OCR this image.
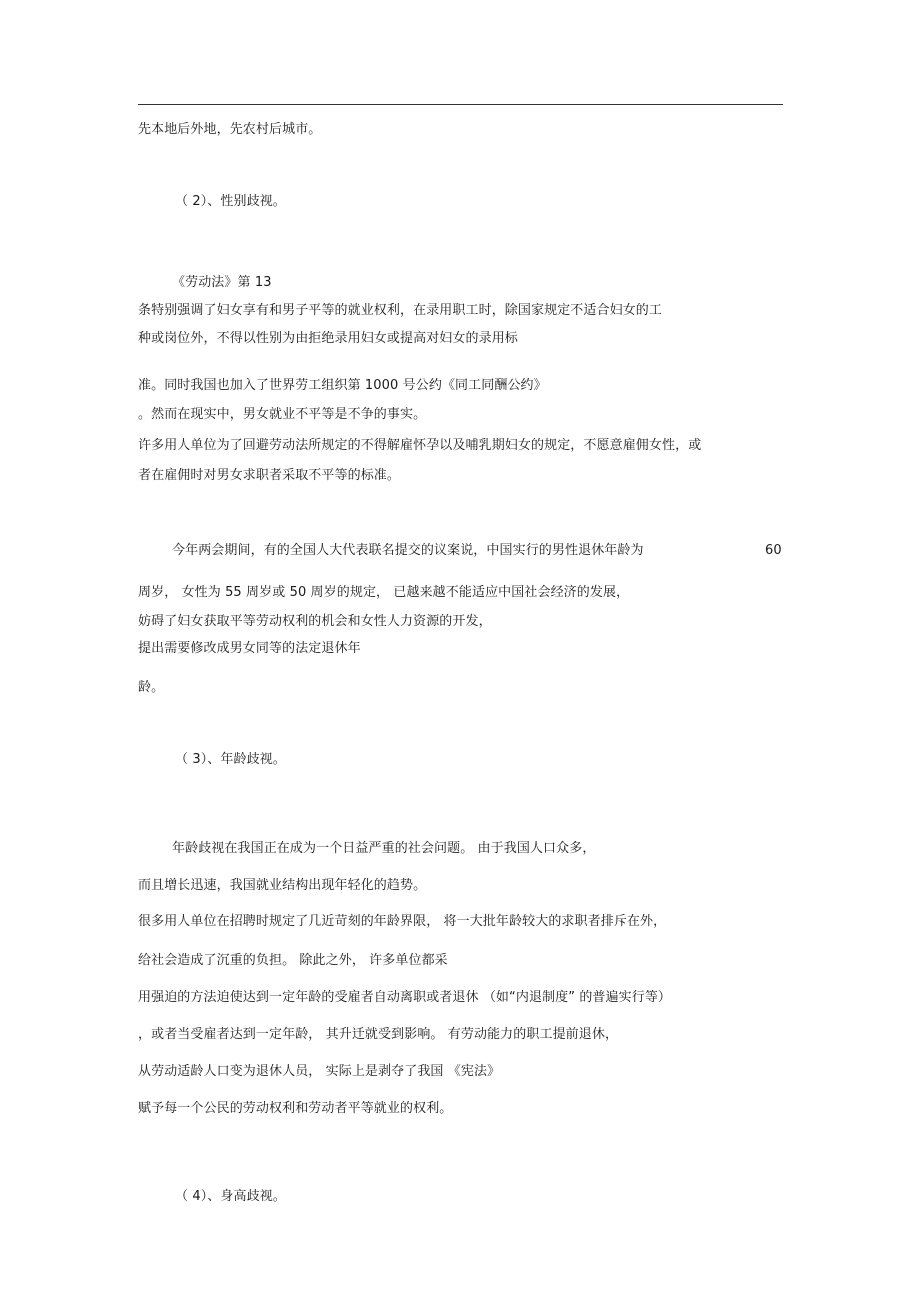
先本地后外地，先农村后城市。
（ 2）、性别歧视。
《劳动法》第 13
条特别强调了妇女享有和男子平等的就业权利，在录用职工时，除国家规定不适合妇女的工
种或岗位外，不得以性别为由拒绝录用妇女或提高对妇女的录用标
准。同时我国也加入了世界劳工组织第 1000 号公约《同工同酬公约》
。然而在现实中，男女就业不平等是不争的事实。
许多用人单位为了回避劳动法所规定的不得解雇怀孕以及哺乳期妇女的规定，不愿意雇佣女性，或
者在雇佣时对男女求职者采取不平等的标准。
今年两会期间，有的全国人大代表联名提交的议案说，中国实行的男性退休年龄为	60
周岁， 女性为 55 周岁或 50 周岁的规定， 已越来越不能适应中国社会经济的发展，
妨碍了妇女获取平等劳动权利的机会和女性人力资源的开发，
提出需要修改成男女同等的法定退休年
龄。
（ 3）、年龄歧视。
年龄歧视在我国正在成为一个日益严重的社会问题。 由于我国人口众多，
而且增长迅速，我国就业结构出现年轻化的趋势。
很多用人单位在招聘时规定了几近苛刻的年龄界限， 将一大批年龄较大的求职者排斥在外，
给社会造成了沉重的负担。 除此之外， 许多单位都采
用强迫的方法迫使达到一定年龄的受雇者自动离职或者退休 （如“内退制度” 的普遍实行等）
，或者当受雇者达到一定年龄， 其升迁就受到影响。 有劳动能力的职工提前退休，
从劳动适龄人口变为退休人员， 实际上是剥夺了我国 《宪法》
赋予每一个公民的劳动权利和劳动者平等就业的权利。
（ 4）、身高歧视。
